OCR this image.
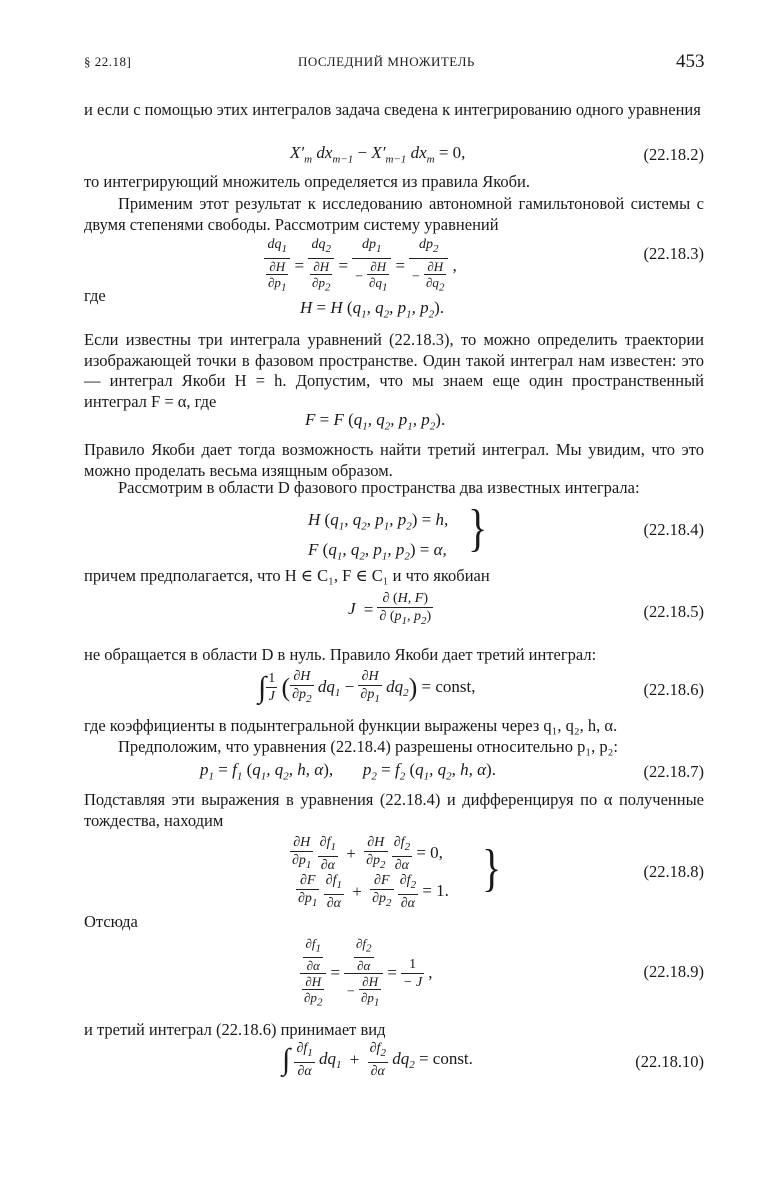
§ 22.18]	ПОСЛЕДНИЙ МНОЖИТЕЛЬ	453
и если с помощью этих интегралов задача сведена к интегрированию одного уравнения
$X'_m$ $dx_{m-1} - X'_{m-1}$ $dx_m = 0$,	(22.18.2)
то интегрирующий множитель определяется из правила Якоби.
Применим этот результат к исследованию автономной гамильтоновой системы с двумя степенями свободы. Рассмотрим систему уравнений
$\frac{dq_1}{\frac{\partial H}{\partial p_1}} = \frac{dq_2}{\frac{\partial H}{\partial p_2}} = \frac{dp_1}{- \frac{\partial H}{\partial q_1}} = \frac{dp_2}{- \frac{\partial H}{\partial q_2}}$ ,
(22.18.3)
где
H = H ($q_1$, $q_2$, $p_1$, $p_2$).
Если известны три интеграла уравнений (22.18.3), то можно определить траектории изображающей точки в фазовом пространстве. Один такой интеграл нам известен: это — интеграл Якоби H = h. Допустим, что мы знаем еще один пространственный интеграл F = α, где
F = F ($q_1$, $q_2$, $p_1$, $p_2$).
Правило Якоби дает тогда возможность найти третий интеграл. Мы увидим, что это можно проделать весьма изящным образом.
Рассмотрим в области D фазового пространства два известных интеграла:
H ($q_1$, $q_2$, $p_1$, $p_2) = h$,
F ($q_1$, $q_2$, $p_1$, $p_2) = \alpha$, }	(22.18.4)
причем предполагается, что H ∈ C₁, F ∈ C₁ и что якобиан
$J = \frac{\partial (H, F)}{\partial (p_1, p_2)}$	(22.18.5)
не обращается в области D в нуль. Правило Якоби дает третий интеграл:
∫ $\frac{1}{J}$ ( $\frac{\partial H}{\partial p_2} dq_1 - \frac{\partial H}{\partial p_1} dq_2$) = const,	(22.18.6)
где коэффициенты в подынтегральной функции выражены через q₁, q₂, h, α.
Предположим, что уравнения (22.18.4) разрешены относительно p₁, p₂:
$p_1 = f_1$ ($q_1$, $q_2$, h, α),       $p_2 = f_2$ ($q_1$, $q_2$, h, α).	(22.18.7)
Подставляя эти выражения в уравнения (22.18.4) и дифференцируя по α полученные тождества, находим
$\frac{\partial H}{\partial p_1}$
$\frac{\partial f_1}{\partial\alpha} + \frac{\partial H}{\partial p_2}$
$\frac{\partial f_2}{\partial\alpha} = 0$,
$\frac{\partial F}{\partial p_1}$
$\frac{\partial f_1}{\partial\alpha} + \frac{\partial F}{\partial p_2}$
$\frac{\partial f_2}{\partial\alpha} = 1$. }	(22.18.8)
Отсюда
$\frac{\frac{\partial f_1}{\partial\alpha}}{\frac{\partial H}{\partial p_2}} = \frac{\frac{\partial f_2}{\partial\alpha}}{- \frac{\partial H}{\partial p_1}} = \frac{1}{- J}$ ,	(22.18.9)
и третий интеграл (22.18.6) принимает вид
∫ $\frac{\partial f_1}{\partial\alpha} dq_1 + \frac{\partial f_2}{\partial\alpha} dq_2$ = const.	(22.18.10)
